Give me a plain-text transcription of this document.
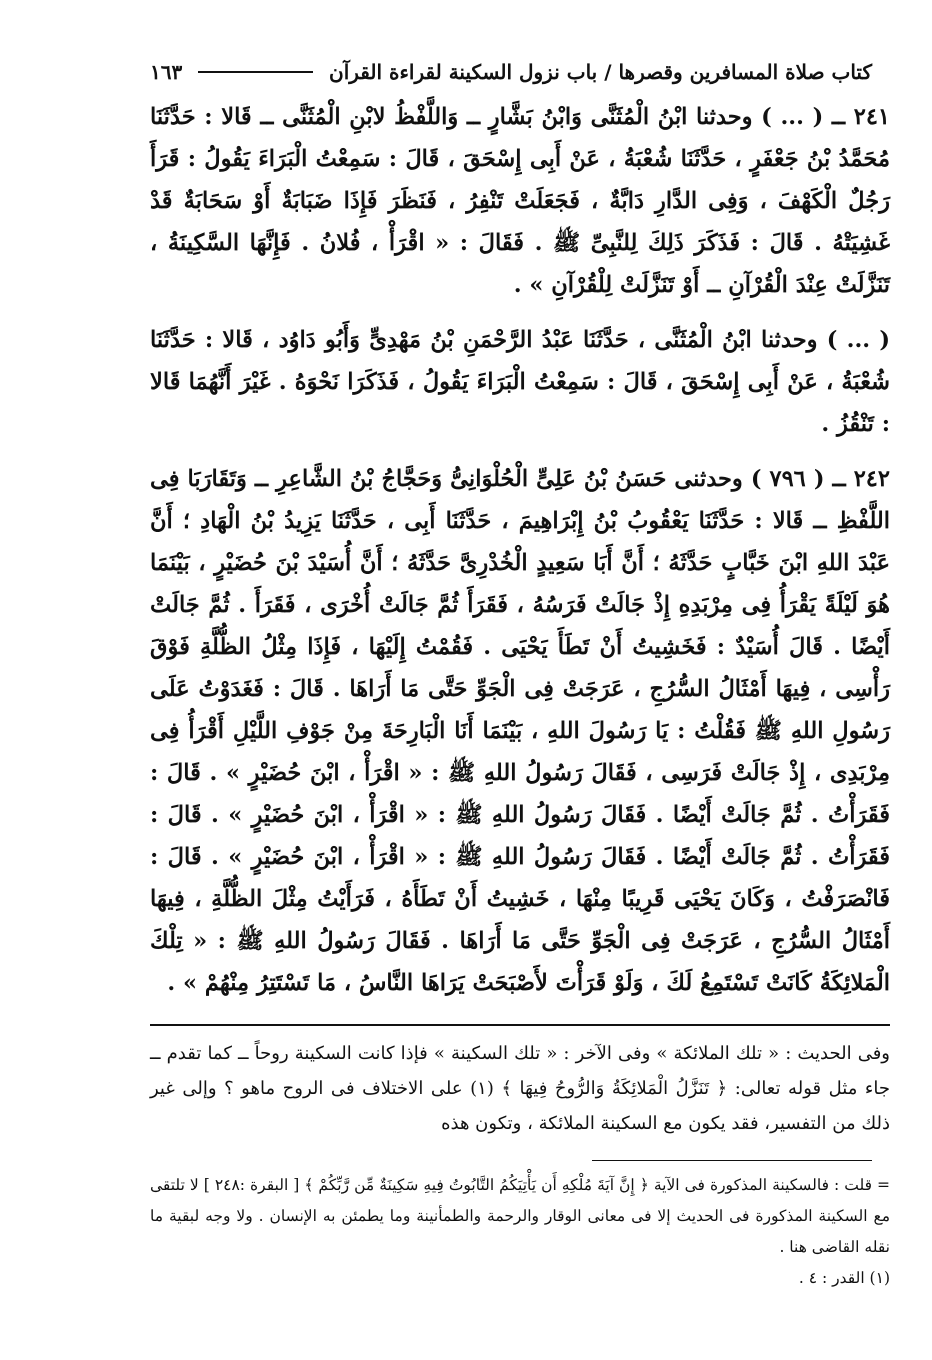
كتاب صلاة المسافرين وقصرها / باب نزول السكينة لقراءة القرآن
١٦٣

٢٤١ ــ ( ... ) وحدثنا ابْنُ الْمُثَنَّى وَابْنُ بَشَّارٍ ــ وَاللَّفْظُ لابْنِ الْمُثَنَّى ــ قَالا : حَدَّثَنَا مُحَمَّدُ بْنُ جَعْفَرٍ ، حَدَّثَنَا شُعْبَةُ ، عَنْ أَبِى إِسْحَقَ ، قَالَ : سَمِعْتُ الْبَرَاءَ يَقُولُ : قَرَأَ رَجُلٌ الْكَهْفَ ، وَفِى الدَّارِ دَابَّةٌ ، فَجَعَلَتْ تَنْفِرُ ، فَنَظَرَ فَإِذَا ضَبَابَةٌ أَوْ سَحَابَةٌ قَدْ غَشِيَتْهُ . قَالَ : فَذَكَرَ ذَلِكَ لِلنَّبِىِّ ﷺ . فَقَالَ : « اقْرَأْ ، فُلانُ . فَإِنَّهَا السَّكِينَةُ ، تَنَزَّلَتْ عِنْدَ الْقُرْآنِ ــ أَوْ تَنَزَّلَتْ لِلْقُرْآنِ » .

( ... ) وحدثنا ابْنُ الْمُثَنَّى ، حَدَّثَنَا عَبْدُ الرَّحْمَنِ بْنُ مَهْدِىٍّ وَأَبُو دَاوُد ، قَالا : حَدَّثَنَا شُعْبَةُ ، عَنْ أَبِى إِسْحَقَ ، قَالَ : سَمِعْتُ الْبَرَاءَ يَقُولُ ، فَذَكَرَا نَحْوَهُ . غَيْرَ أَنَّهُمَا قَالا : تَنْقُزُ .

٢٤٢ ــ ( ٧٩٦ ) وحدثنى حَسَنُ بْنُ عَلِىٍّ الْحُلْوَانِىُّ وَحَجَّاجُ بْنُ الشَّاعِرِ ــ وَتَقَارَبَا فِى اللَّفْظِ ــ قَالا : حَدَّثَنَا يَعْقُوبُ بْنُ إِبْرَاهِيمَ ، حَدَّثَنَا أَبِى ، حَدَّثَنَا يَزِيدُ بْنُ الْهَادِ ؛ أَنَّ عَبْدَ اللهِ ابْنَ خَبَّابٍ حَدَّثَهُ ؛ أَنَّ أَبَا سَعِيدٍ الْخُدْرِىَّ حَدَّثَهُ ؛ أَنَّ أُسَيْدَ بْنَ حُضَيْرٍ ، بَيْنَمَا هُوَ لَيْلَةً يَقْرَأُ فِى مِرْبَدِهِ إِذْ جَالَتْ فَرَسُهُ ، فَقَرَأَ ثُمَّ جَالَتْ أُخْرَى ، فَقَرَأَ . ثُمَّ جَالَتْ أَيْضًا . قَالَ أُسَيْدٌ : فَخَشِيتُ أَنْ تَطَأَ يَحْيَى . فَقُمْتُ إِلَيْهَا ، فَإِذَا مِثْلُ الظُّلَّةِ فَوْقَ رَأْسِى ، فِيهَا أَمْثَالُ السُّرُجِ ، عَرَجَتْ فِى الْجَوِّ حَتَّى مَا أَرَاهَا . قَالَ : فَغَدَوْتُ عَلَى رَسُولِ اللهِ ﷺ فَقُلْتُ : يَا رَسُولَ اللهِ ، بَيْنَمَا أَنَا الْبَارِحَةَ مِنْ جَوْفِ اللَّيْلِ أَقْرَأُ فِى مِرْبَدِى ، إِذْ جَالَتْ فَرَسِى ، فَقَالَ رَسُولُ اللهِ ﷺ : « اقْرَأْ ، ابْنَ حُضَيْرٍ » . قَالَ : فَقَرَأْتُ . ثُمَّ جَالَتْ أَيْضًا . فَقَالَ رَسُولُ اللهِ ﷺ : « اقْرَأْ ، ابْنَ حُضَيْرٍ » . قَالَ : فَقَرَأْتُ . ثُمَّ جَالَتْ أَيْضًا . فَقَالَ رَسُولُ اللهِ ﷺ : « اقْرَأْ ، ابْنَ حُضَيْرٍ » . قَالَ : فَانْصَرَفْتُ ، وَكَانَ يَحْيَى قَرِيبًا مِنْهَا ، خَشِيتُ أَنْ تَطَأَهُ ، فَرَأَيْتُ مِثْلَ الظُّلَّةِ ، فِيهَا أَمْثَالُ السُّرُجِ ، عَرَجَتْ فِى الْجَوِّ حَتَّى مَا أَرَاهَا . فَقَالَ رَسُولُ اللهِ ﷺ : « تِلْكَ الْمَلائِكَةُ كَانَتْ تَسْتَمِعُ لَكَ ، وَلَوْ قَرَأْتَ لأَصْبَحَتْ يَرَاهَا النَّاسُ ، مَا تَسْتَتِرُ مِنْهُمْ » .

وفى الحديث : « تلك الملائكة » وفى الآخر : « تلك السكينة » فإذا كانت السكينة روحاً ــ كما تقدم ــ جاء مثل قوله تعالى: ﴿ تَنَزَّلُ الْمَلائِكَةُ وَالرُّوحُ فِيهَا ﴾ (١) على الاختلاف فى الروح ماهو ؟ وإلى غير ذلك من التفسير، فقد يكون مع السكينة الملائكة ، وتكون هذه

= قلت : فالسكينة المذكورة فى الآية ﴿ إِنَّ آيَةَ مُلْكِهِ أَن يَأْتِيَكُمُ التَّابُوتُ فِيهِ سَكِينَةٌ مِّن رَّبِّكُمْ ﴾ [ البقرة :٢٤٨ ] لا تلتقى مع السكينة المذكورة فى الحديث إلا فى معانى الوقار والرحمة والطمأنينة وما يطمئن به الإنسان . ولا وجه لبقية ما نقله القاضى هنا .

(١) القدر : ٤ .
